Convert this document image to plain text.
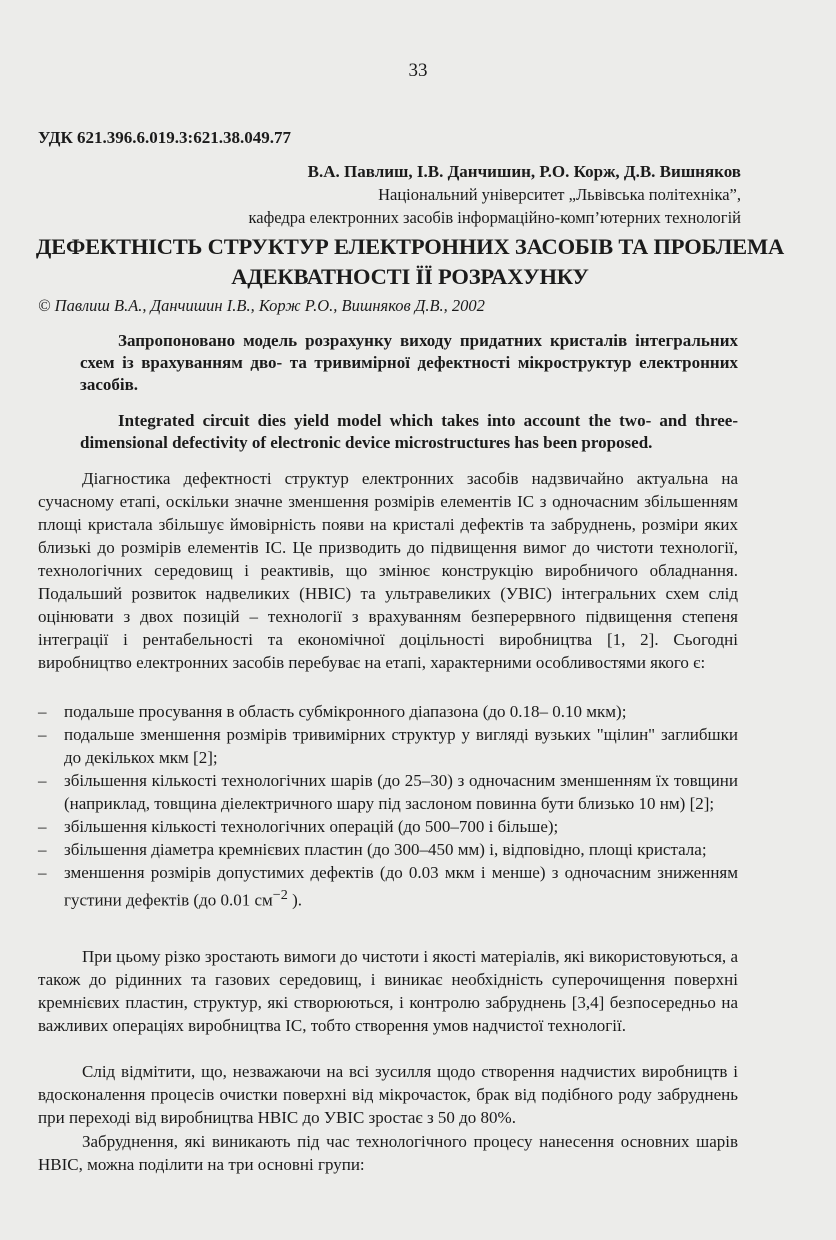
33
УДК 621.396.6.019.3:621.38.049.77
В.А. Павлиш, І.В. Данчишин, Р.О. Корж, Д.В. Вишняков
Національний університет „Львівська політехніка”,
кафедра електронних засобів інформаційно-комп’ютерних технологій
ДЕФЕКТНІСТЬ СТРУКТУР ЕЛЕКТРОННИХ ЗАСОБІВ ТА ПРОБЛЕМА
АДЕКВАТНОСТІ ЇЇ РОЗРАХУНКУ
© Павлиш В.А., Данчишин І.В., Корж Р.О., Вишняков Д.В., 2002
Запропоновано модель розрахунку виходу придатних кристалів інтегральних схем із врахуванням дво- та тривимірної дефектності мікроструктур електронних засобів.
Integrated circuit dies yield model which takes into account the two- and three-dimensional defectivity of electronic device microstructures has been proposed.
Діагностика дефектності структур електронних засобів надзвичайно актуальна на сучасному етапі, оскільки значне зменшення розмірів елементів ІС з одночасним збільшенням площі кристала збільшує ймовірність появи на кристалі дефектів та забруднень, розміри яких близькі до розмірів елементів ІС. Це призводить до підвищення вимог до чистоти технології, технологічних середовищ і реактивів, що змінює конструкцію виробничого обладнання. Подальший розвиток надвеликих (НВІС) та ультравеликих (УВІС) інтегральних схем слід оцінювати з двох позицій – технології з врахуванням безперервного підвищення степеня інтеграції і рентабельності та економічної доцільності виробництва [1, 2]. Сьогодні виробництво електронних засобів перебуває на етапі, характерними особливостями якого є:
– подальше просування в область субмікронного діапазона (до 0.18– 0.10 мкм);
– подальше зменшення розмірів тривимірних структур у вигляді вузьких "щілин" заглибшки до декількох мкм [2];
– збільшення кількості технологічних шарів (до 25–30) з одночасним зменшенням їх товщини (наприклад, товщина діелектричного шару під заслоном повинна бути близько 10 нм) [2];
– збільшення кількості технологічних операцій (до 500–700 і більше);
– збільшення діаметра кремнієвих пластин (до 300–450 мм) і, відповідно, площі кристала;
– зменшення розмірів допустимих дефектів (до 0.03 мкм і менше) з одночасним зниженням густини дефектів (до 0.01 $см^{-2}$ ).
При цьому різко зростають вимоги до чистоти і якості матеріалів, які використовуються, а також до рідинних та газових середовищ, і виникає необхідність суперочищення поверхні кремнієвих пластин, структур, які створюються, і контролю забруднень [3,4] безпосередньо на важливих операціях виробництва ІС, тобто створення умов надчистої технології.
Слід відмітити, що, незважаючи на всі зусилля щодо створення надчистих виробництв і вдосконалення процесів очистки поверхні від мікрочасток, брак від подібного роду забруднень при переході від виробництва НВІС до УВІС зростає з 50 до 80%.
Забруднення, які виникають під час технологічного процесу нанесення основних шарів НВІС, можна поділити на три основні групи:
